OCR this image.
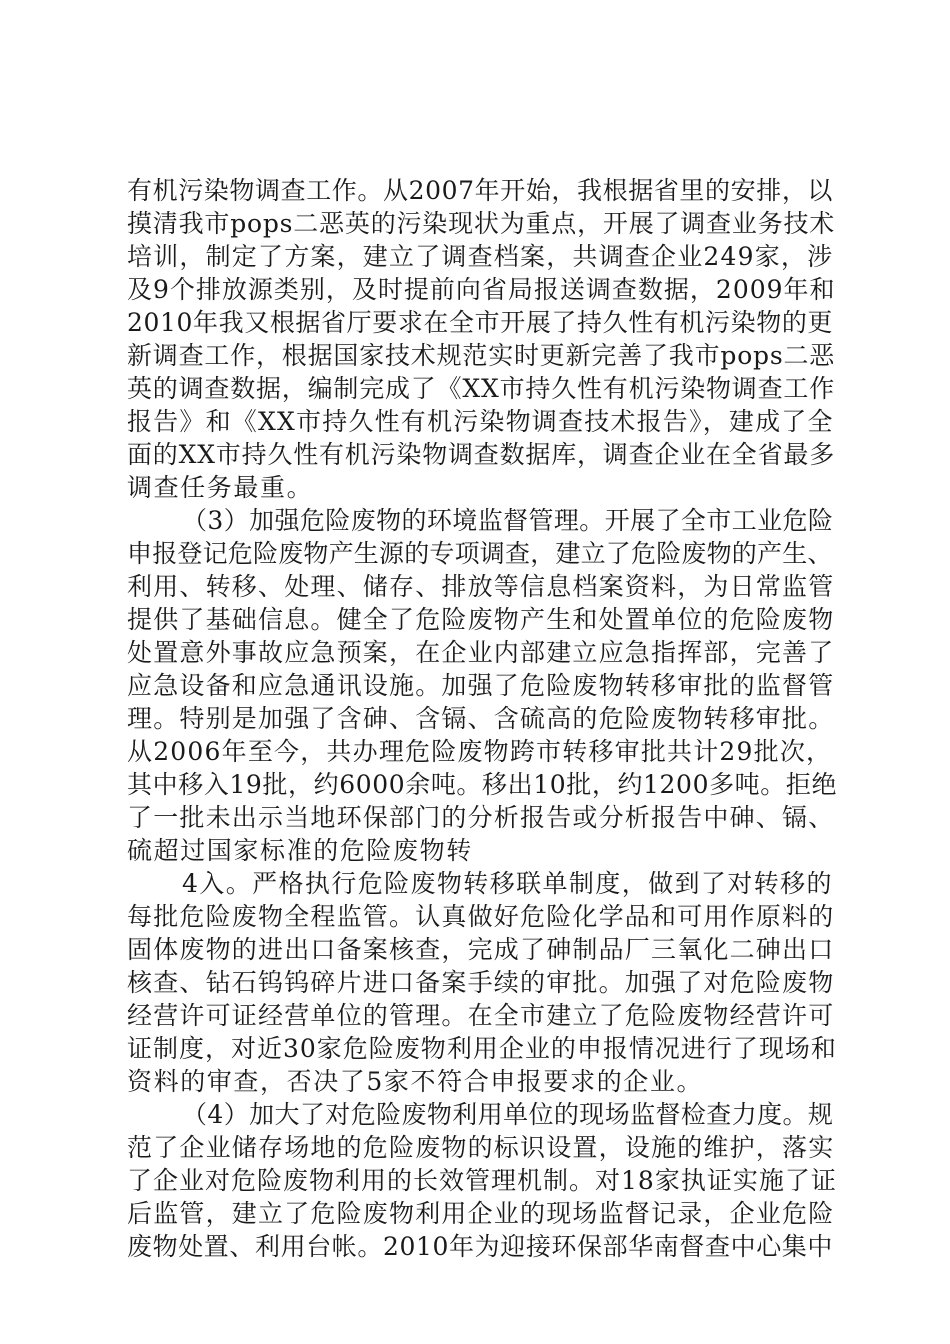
有机污染物调查工作。从2007年开始，我根据省里的安排，以
摸清我市pops二恶英的污染现状为重点，开展了调查业务技术
培训，制定了方案，建立了调查档案，共调查企业249家，涉
及9个排放源类别，及时提前向省局报送调查数据，2009年和
2010年我又根据省厅要求在全市开展了持久性有机污染物的更
新调查工作，根据国家技术规范实时更新完善了我市pops二恶
英的调查数据，编制完成了《XX市持久性有机污染物调查工作
报告》和《XX市持久性有机污染物调查技术报告》，建成了全
面的XX市持久性有机污染物调查数据库，调查企业在全省最多
调查任务最重。
（3）加强危险废物的环境监督管理。开展了全市工业危险
申报登记危险废物产生源的专项调查，建立了危险废物的产生、
利用、转移、处理、储存、排放等信息档案资料，为日常监管
提供了基础信息。健全了危险废物产生和处置单位的危险废物
处置意外事故应急预案，在企业内部建立应急指挥部，完善了
应急设备和应急通讯设施。加强了危险废物转移审批的监督管
理。特别是加强了含砷、含镉、含硫高的危险废物转移审批。
从2006年至今，共办理危险废物跨市转移审批共计29批次，
其中移入19批，约6000余吨。移出10批，约1200多吨。拒绝
了一批未出示当地环保部门的分析报告或分析报告中砷、镉、
硫超过国家标准的危险废物转
4入。严格执行危险废物转移联单制度，做到了对转移的
每批危险废物全程监管。认真做好危险化学品和可用作原料的
固体废物的进出口备案核查，完成了砷制品厂三氧化二砷出口
核查、钻石钨钨碎片进口备案手续的审批。加强了对危险废物
经营许可证经营单位的管理。在全市建立了危险废物经营许可
证制度，对近30家危险废物利用企业的申报情况进行了现场和
资料的审查，否决了5家不符合申报要求的企业。
（4）加大了对危险废物利用单位的现场监督检查力度。规
范了企业储存场地的危险废物的标识设置，设施的维护，落实
了企业对危险废物利用的长效管理机制。对18家执证实施了证
后监管，建立了危险废物利用企业的现场监督记录，企业危险
废物处置、利用台帐。2010年为迎接环保部华南督查中心集中
